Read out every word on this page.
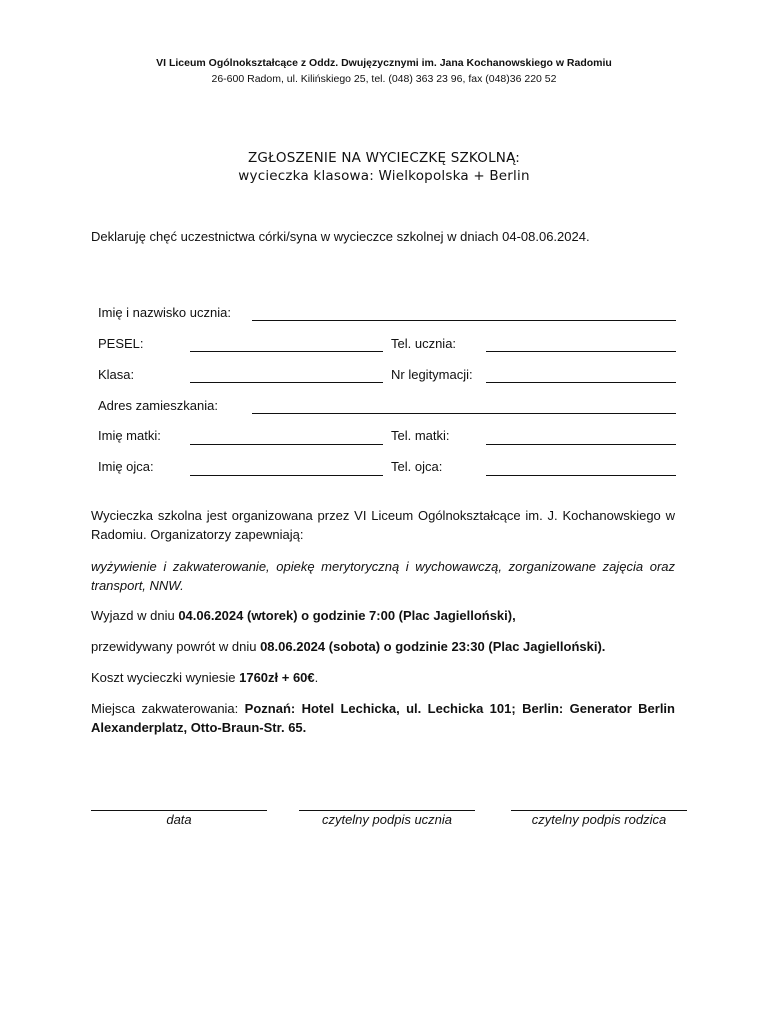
VI Liceum Ogólnokształcące z Oddz. Dwujęzycznymi im. Jana Kochanowskiego w Radomiu
26-600 Radom, ul. Kilińskiego 25, tel. (048) 363 23 96, fax (048)36 220 52
ZGŁOSZENIE NA WYCIECZKĘ SZKOLNĄ:
wycieczka klasowa: Wielkopolska + Berlin
Deklaruję chęć uczestnictwa córki/syna w wycieczce szkolnej w dniach 04-08.06.2024.
Imię i nazwisko ucznia:
PESEL:	Tel. ucznia:
Klasa:	Nr legitymacji:
Adres zamieszkania:
Imię matki:	Tel. matki:
Imię ojca:	Tel. ojca:
Wycieczka szkolna jest organizowana przez VI Liceum Ogólnokształcące im. J. Kochanowskiego w Radomiu. Organizatorzy zapewniają:
wyżywienie i zakwaterowanie, opiekę merytoryczną i wychowawczą, zorganizowane zajęcia oraz transport, NNW.
Wyjazd w dniu 04.06.2024 (wtorek) o godzinie 7:00 (Plac Jagielloński),
przewidywany powrót w dniu 08.06.2024 (sobota) o godzinie 23:30 (Plac Jagielloński).
Koszt wycieczki wyniesie 1760zł + 60€.
Miejsca zakwaterowania: Poznań: Hotel Lechicka, ul. Lechicka 101; Berlin: Generator Berlin Alexanderplatz, Otto-Braun-Str. 65.
data	czytelny podpis ucznia	czytelny podpis rodzica
